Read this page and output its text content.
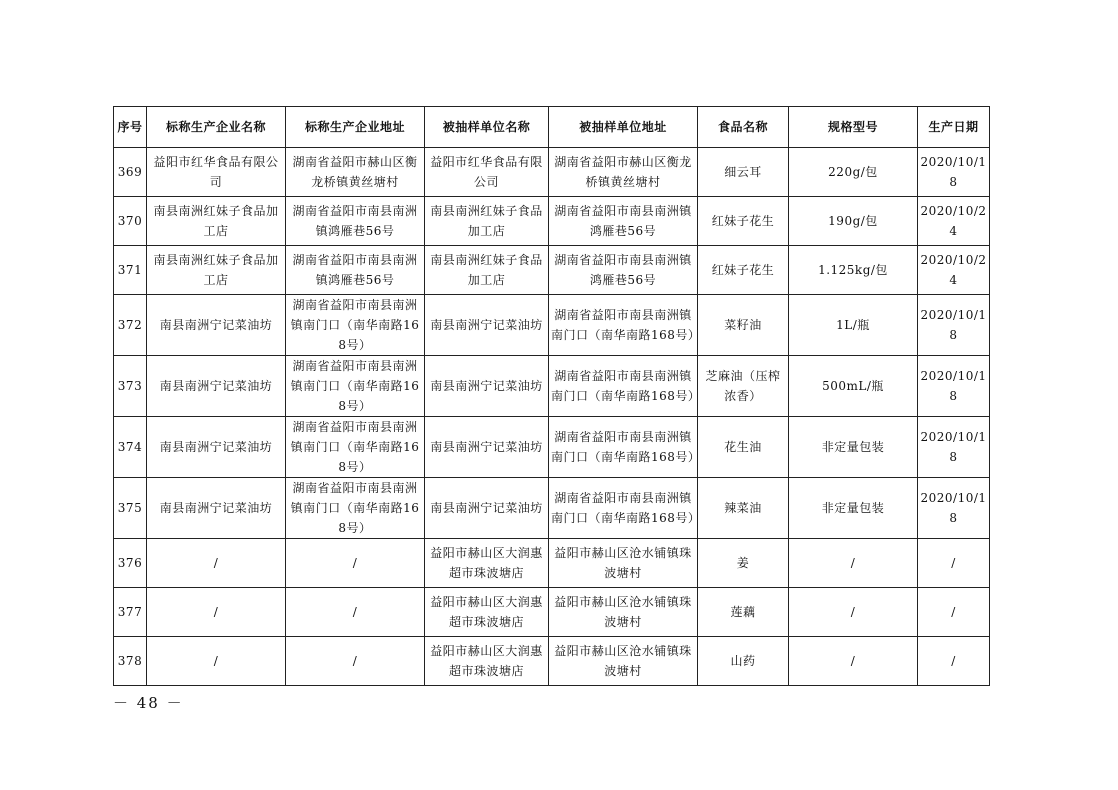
序号	标称生产企业名称	标称生产企业地址	被抽样单位名称	被抽样单位地址	食品名称	规格型号	生产日期
369	益阳市红华食品有限公司	湖南省益阳市赫山区衡龙桥镇黄丝塘村	益阳市红华食品有限公司	湖南省益阳市赫山区衡龙桥镇黄丝塘村	细云耳	220g/包	2020/10/18
370	南县南洲红妹子食品加工店	湖南省益阳市南县南洲镇鸿雁巷56号	南县南洲红妹子食品加工店	湖南省益阳市南县南洲镇鸿雁巷56号	红妹子花生	190g/包	2020/10/24
371	南县南洲红妹子食品加工店	湖南省益阳市南县南洲镇鸿雁巷56号	南县南洲红妹子食品加工店	湖南省益阳市南县南洲镇鸿雁巷56号	红妹子花生	1.125kg/包	2020/10/24
372	南县南洲宁记菜油坊	湖南省益阳市南县南洲镇南门口（南华南路168号）	南县南洲宁记菜油坊	湖南省益阳市南县南洲镇南门口（南华南路168号）	菜籽油	1L/瓶	2020/10/18
373	南县南洲宁记菜油坊	湖南省益阳市南县南洲镇南门口（南华南路168号）	南县南洲宁记菜油坊	湖南省益阳市南县南洲镇南门口（南华南路168号）	芝麻油（压榨浓香）	500mL/瓶	2020/10/18
374	南县南洲宁记菜油坊	湖南省益阳市南县南洲镇南门口（南华南路168号）	南县南洲宁记菜油坊	湖南省益阳市南县南洲镇南门口（南华南路168号）	花生油	非定量包装	2020/10/18
375	南县南洲宁记菜油坊	湖南省益阳市南县南洲镇南门口（南华南路168号）	南县南洲宁记菜油坊	湖南省益阳市南县南洲镇南门口（南华南路168号）	辣菜油	非定量包装	2020/10/18
376	/	/	益阳市赫山区大润惠超市珠波塘店	益阳市赫山区沧水铺镇珠波塘村	姜	/	/
377	/	/	益阳市赫山区大润惠超市珠波塘店	益阳市赫山区沧水铺镇珠波塘村	莲藕	/	/
378	/	/	益阳市赫山区大润惠超市珠波塘店	益阳市赫山区沧水铺镇珠波塘村	山药	/	/
－ 48 －
